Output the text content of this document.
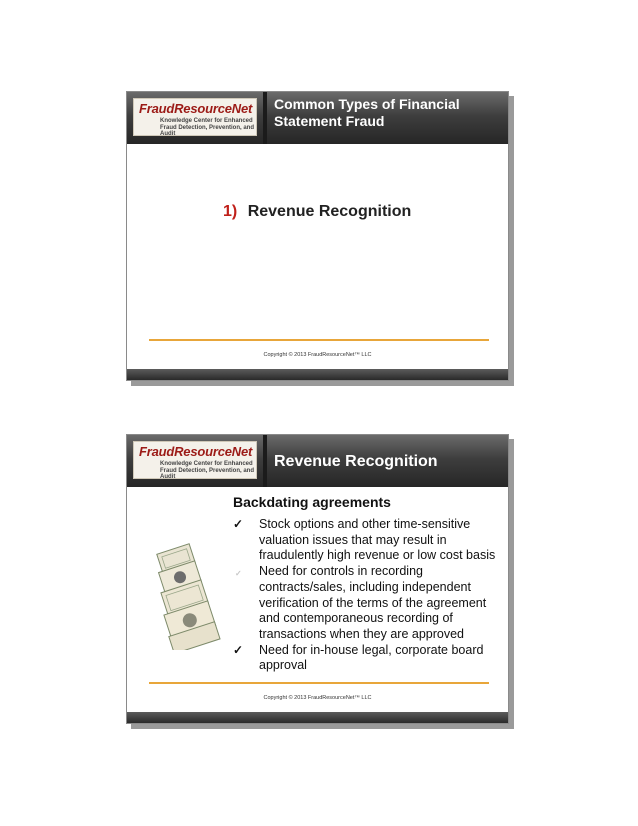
FraudResourceNet
Knowledge Center for Enhanced
Fraud Detection, Prevention, and Audit
Common Types of Financial Statement Fraud
1) Revenue Recognition
Copyright © 2013 FraudResourceNet™ LLC
FraudResourceNet
Knowledge Center for Enhanced
Fraud Detection, Prevention, and Audit
Revenue Recognition
Backdating agreements
✓ Stock options and other time-sensitive valuation issues that may result in fraudulently high revenue or low cost basis
✓ Need for controls in recording contracts/sales, including independent verification of the terms of the agreement and contemporaneous recording of transactions when they are approved
✓ Need for in-house legal, corporate board approval
Copyright © 2013 FraudResourceNet™ LLC
